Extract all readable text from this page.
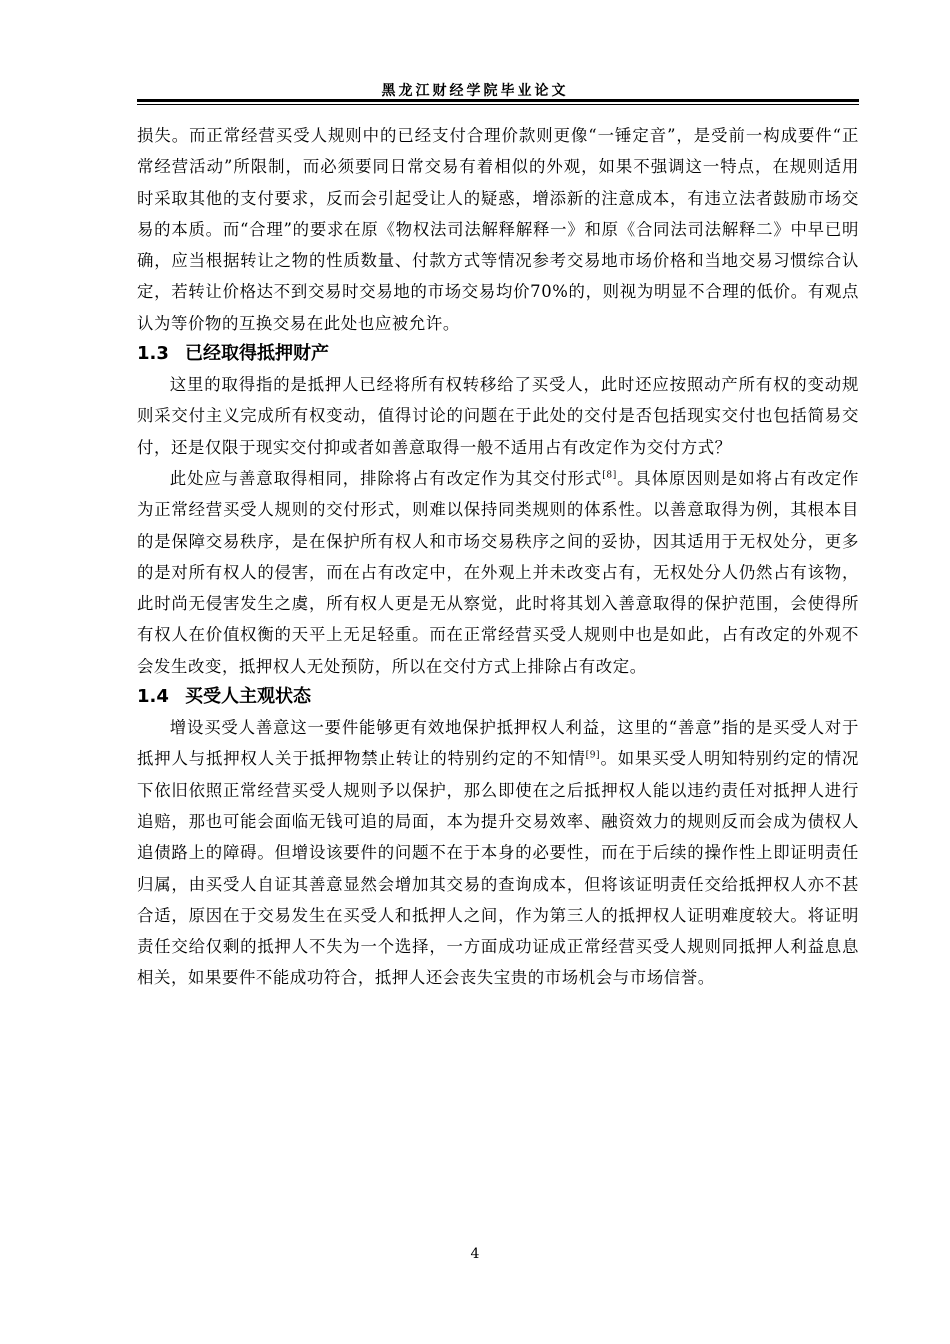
黑龙江财经学院毕业论文

损失。而正常经营买受人规则中的已经支付合理价款则更像“一锤定音”，是受前一构成要件“正常经营活动”所限制，而必须要同日常交易有着相似的外观，如果不强调这一特点，在规则适用时采取其他的支付要求，反而会引起受让人的疑惑，增添新的注意成本，有违立法者鼓励市场交易的本质。而“合理”的要求在原《物权法司法解释解释一》和原《合同法司法解释二》中早已明确，应当根据转让之物的性质数量、付款方式等情况参考交易地市场价格和当地交易习惯综合认定，若转让价格达不到交易时交易地的市场交易均价70%的，则视为明显不合理的低价。有观点认为等价物的互换交易在此处也应被允许。

1.3 已经取得抵押财产

这里的取得指的是抵押人已经将所有权转移给了买受人，此时还应按照动产所有权的变动规则采交付主义完成所有权变动，值得讨论的问题在于此处的交付是否包括现实交付也包括简易交付，还是仅限于现实交付抑或者如善意取得一般不适用占有改定作为交付方式？

此处应与善意取得相同，排除将占有改定作为其交付形式[8]。具体原因则是如将占有改定作为正常经营买受人规则的交付形式，则难以保持同类规则的体系性。以善意取得为例，其根本目的是保障交易秩序，是在保护所有权人和市场交易秩序之间的妥协，因其适用于无权处分，更多的是对所有权人的侵害，而在占有改定中，在外观上并未改变占有，无权处分人仍然占有该物，此时尚无侵害发生之虞，所有权人更是无从察觉，此时将其划入善意取得的保护范围，会使得所有权人在价值权衡的天平上无足轻重。而在正常经营买受人规则中也是如此，占有改定的外观不会发生改变，抵押权人无处预防，所以在交付方式上排除占有改定。

1.4 买受人主观状态

增设买受人善意这一要件能够更有效地保护抵押权人利益，这里的“善意”指的是买受人对于抵押人与抵押权人关于抵押物禁止转让的特别约定的不知情[9]。如果买受人明知特别约定的情况下依旧依照正常经营买受人规则予以保护，那么即使在之后抵押权人能以违约责任对抵押人进行追赔，那也可能会面临无钱可追的局面，本为提升交易效率、融资效力的规则反而会成为债权人追债路上的障碍。但增设该要件的问题不在于本身的必要性，而在于后续的操作性上即证明责任归属，由买受人自证其善意显然会增加其交易的查询成本，但将该证明责任交给抵押权人亦不甚合适，原因在于交易发生在买受人和抵押人之间，作为第三人的抵押权人证明难度较大。将证明责任交给仅剩的抵押人不失为一个选择，一方面成功证成正常经营买受人规则同抵押人利益息息相关，如果要件不能成功符合，抵押人还会丧失宝贵的市场机会与市场信誉。

4
